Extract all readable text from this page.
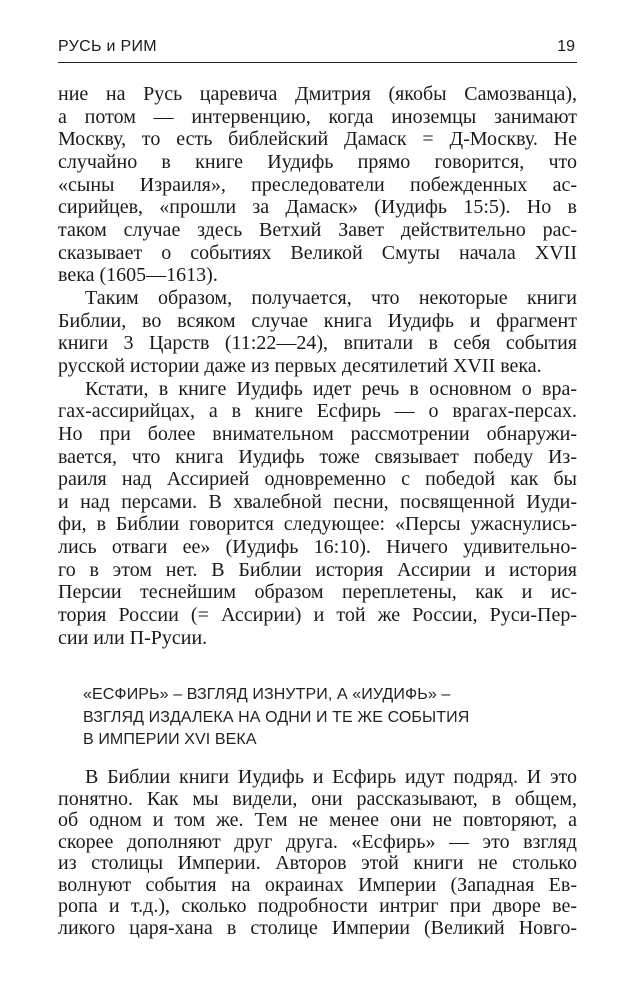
РУСЬ и РИМ	19
ние на Русь царевича Дмитрия (якобы Самозванца),
а потом — интервенцию, когда иноземцы занимают
Москву, то есть библейский Дамаск = Д-Москву. Не
случайно в книге Иудифь прямо говорится, что
«сыны Израиля», преследователи побежденных ас-
сирийцев, «прошли за Дамаск» (Иудифь 15:5). Но в
таком случае здесь Ветхий Завет действительно рас-
сказывает о событиях Великой Смуты начала XVII
века (1605—1613).
Таким образом, получается, что некоторые книги
Библии, во всяком случае книга Иудифь и фрагмент
книги 3 Царств (11:22—24), впитали в себя события
русской истории даже из первых десятилетий XVII века.
Кстати, в книге Иудифь идет речь в основном о вра-
гах-ассирийцах, а в книге Есфирь — о врагах-персах.
Но при более внимательном рассмотрении обнаружи-
вается, что книга Иудифь тоже связывает победу Из-
раиля над Ассирией одновременно с победой как бы
и над персами. В хвалебной песни, посвященной Иуди-
фи, в Библии говорится следующее: «Персы ужаснулись-
лись отваги ее» (Иудифь 16:10). Ничего удивительно-
го в этом нет. В Библии история Ассирии и история
Персии теснейшим образом переплетены, как и ис-
тория России (= Ассирии) и той же России, Руси-Пер-
сии или П-Русии.
«ЕСФИРЬ» – ВЗГЛЯД ИЗНУТРИ, А «ИУДИФЬ» –
ВЗГЛЯД ИЗДАЛЕКА НА ОДНИ И ТЕ ЖЕ СОБЫТИЯ
В ИМПЕРИИ XVI ВЕКА
В Библии книги Иудифь и Есфирь идут подряд. И это
понятно. Как мы видели, они рассказывают, в общем,
об одном и том же. Тем не менее они не повторяют, а
скорее дополняют друг друга. «Есфирь» — это взгляд
из столицы Империи. Авторов этой книги не столько
волнуют события на окраинах Империи (Западная Ев-
ропа и т.д.), сколько подробности интриг при дворе ве-
ликого царя-хана в столице Империи (Великий Новго-
